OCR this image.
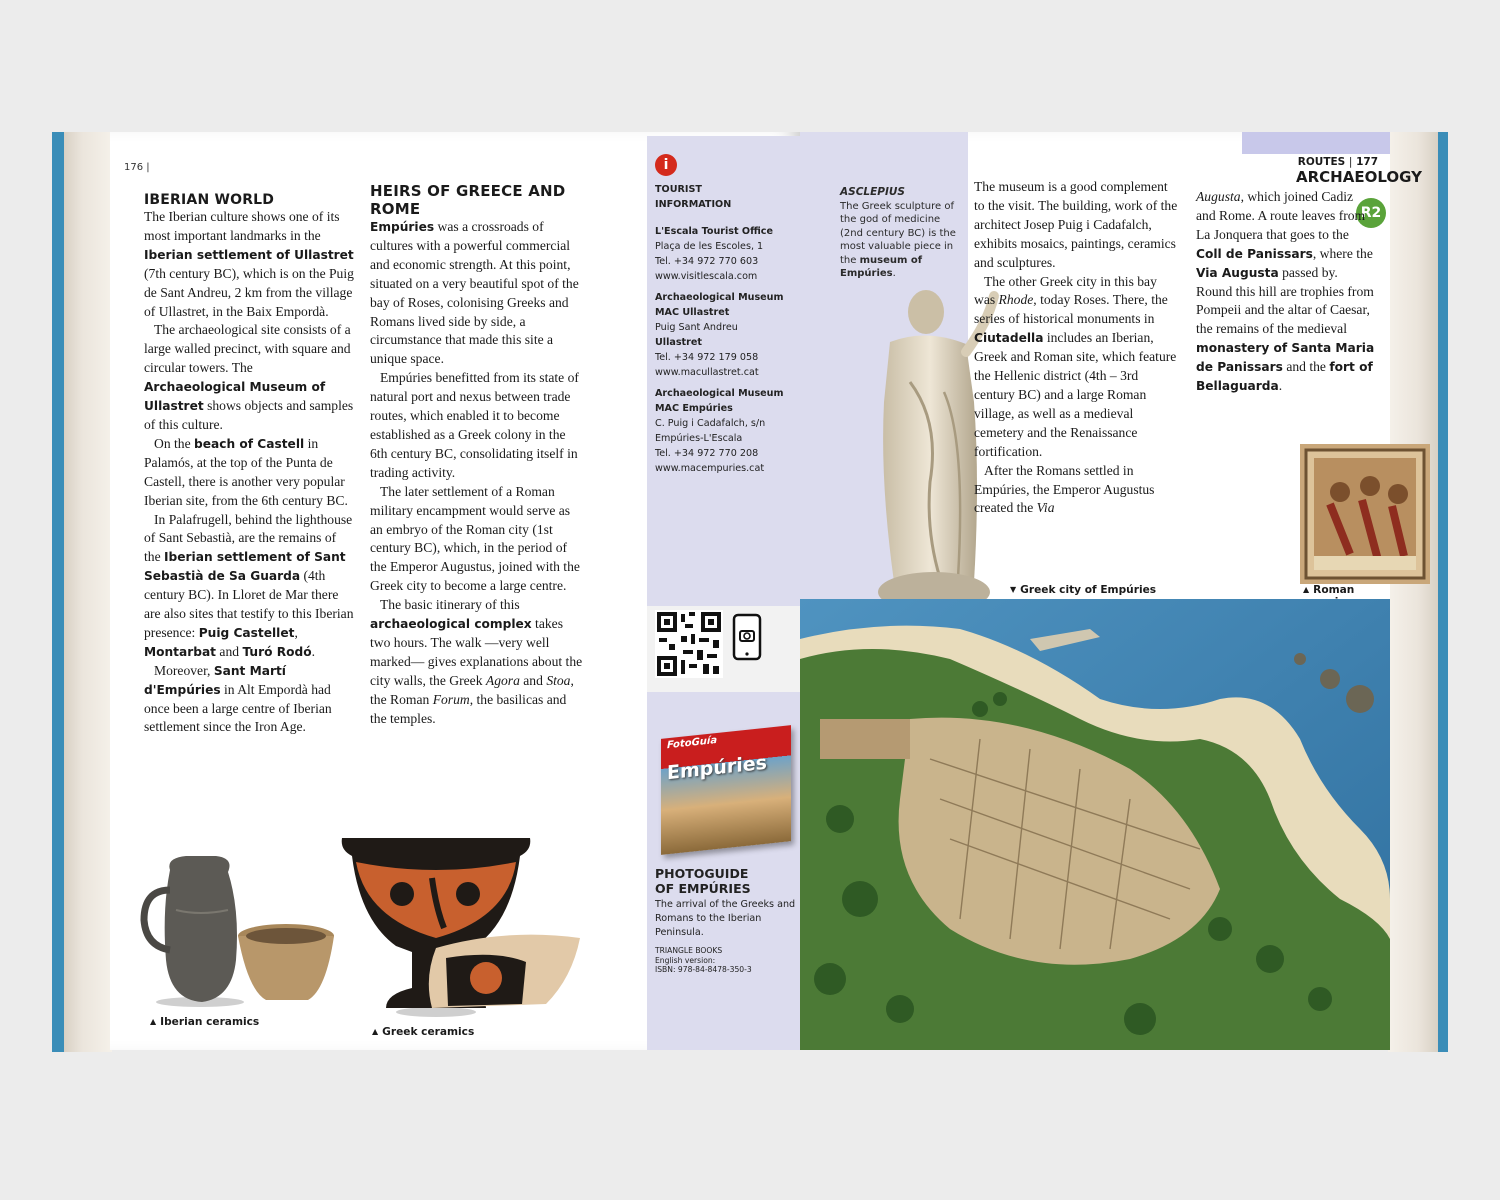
176 |
IBERIAN WORLD

The Iberian culture shows one of its most important landmarks in the Iberian settlement of Ullastret (7th century BC), which is on the Puig de Sant Andreu, 2 km from the village of Ullastret, in the Baix Empordà.

The archaeological site consists of a large walled precinct, with square and circular towers. The Archaeological Museum of Ullastret shows objects and samples of this culture.

On the beach of Castell in Palamós, at the top of the Punta de Castell, there is another very popular Iberian site, from the 6th century BC.

In Palafrugell, behind the lighthouse of Sant Sebastià, are the remains of the Iberian settlement of Sant Sebastià de Sa Guarda (4th century BC). In Lloret de Mar there are also sites that testify to this Iberian presence: Puig Castellet, Montarbat and Turó Rodó.

Moreover, Sant Martí d'Empúries in Alt Empordà had once been a large centre of Iberian settlement since the Iron Age.

HEIRS OF GREECE AND ROME

Empúries was a crossroads of cultures with a powerful commercial and economic strength. At this point, situated on a very beautiful spot of the bay of Roses, colonising Greeks and Romans lived side by side, a circumstance that made this site a unique space.

Empúries benefitted from its state of natural port and nexus between trade routes, which enabled it to become established as a Greek colony in the 6th century BC, consolidating itself in trading activity.

The later settlement of a Roman military encampment would serve as an embryo of the Roman city (1st century BC), which, in the period of the Emperor Augustus, joined with the Greek city to become a large centre.

The basic itinerary of this archaeological complex takes two hours. The walk —very well marked— gives explanations about the city walls, the Greek Agora and Stoa, the Roman Forum, the basilicas and the temples.

▲ Iberian ceramics
▲ Greek ceramics
i
TOURIST
INFORMATION
L'Escala Tourist Office
Plaça de les Escoles, 1
Tel. +34 972 770 603
www.visitlescala.com
Archaeological Museum MAC Ullastret
Puig Sant Andreu
Ullastret
Tel. +34 972 179 058
www.macullastret.cat
Archaeological Museum MAC Empúries
C. Puig i Cadafalch, s/n
Empúries-L'Escala
Tel. +34 972 770 208
www.macempuries.cat
FotoGuía
Empúries
PHOTOGUIDE
OF EMPÚRIES
The arrival of the Greeks and Romans to the Iberian Peninsula.
TRIANGLE BOOKS
English version:
ISBN: 978-84-8478-350-3
ROUTES | 177
ARCHAEOLOGY
R2
ASCLEPIUS
The Greek sculpture of the god of medicine (2nd century BC) is the most valuable piece in the museum of Empúries.

The museum is a good complement to the visit. The building, work of the architect Josep Puig i Cadafalch, exhibits mosaics, paintings, ceramics and sculptures.

The other Greek city in this bay was Rhode, today Roses. There, the series of historical monuments in Ciutadella includes an Iberian, Greek and Roman site, which feature the Hellenic district (4th – 3rd century BC) and a large Roman village, as well as a medieval cemetery and the Renaissance fortification.

After the Romans settled in Empúries, the Emperor Augustus created the Via

Augusta, which joined Cadiz and Rome. A route leaves from La Jonquera that goes to the Coll de Panissars, where the Via Augusta passed by. Round this hill are trophies from Pompeii and the altar of Caesar, the remains of the medieval monastery of Santa Maria de Panissars and the fort of Bellaguarda.

▲ Roman
▼ Greek city of Empúries
